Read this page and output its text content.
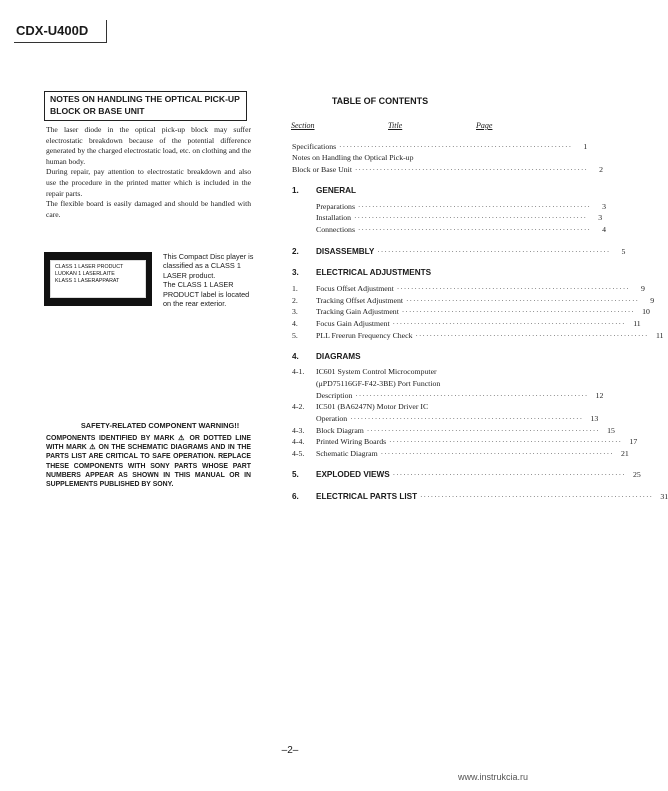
CDX-U400D
NOTES ON HANDLING THE OPTICAL PICK-UP
BLOCK OR BASE UNIT

The laser diode in the optical pick-up block may suffer electrostatic breakdown because of the potential difference generated by the charged electrostatic load, etc. on clothing and the human body.

During repair, pay attention to electrostatic breakdown and also use the procedure in the printed matter which is included in the repair parts.

The flexible board is easily damaged and should be handled with care.

CLASS 1 LASER PRODUCT
LUOKAN 1 LASERLAITE
KLASS 1 LASERAPPARAT
This Compact Disc player is
classified as a CLASS 1
LASER product.
The CLASS 1 LASER
PRODUCT label is located
on the rear exterior.
SAFETY-RELATED COMPONENT WARNING!!
COMPONENTS IDENTIFIED BY MARK ⚠ OR DOTTED LINE WITH MARK ⚠ ON THE SCHEMATIC DIAGRAMS AND IN THE PARTS LIST ARE CRITICAL TO SAFE OPERATION. REPLACE THESE COMPONENTS WITH SONY PARTS WHOSE PART NUMBERS APPEAR AS SHOWN IN THIS MANUAL OR IN SUPPLEMENTS PUBLISHED BY SONY.
TABLE OF CONTENTS
Section	Title	Page
Specifications ··································································	1
Notes on Handling the Optical Pick-up
Block or Base Unit ··································································	2
1.	GENERAL
Preparations ··································································	3
Installation ··································································	3
Connections ··································································	4
2.	DISASSEMBLY ··································································	5
3.	ELECTRICAL ADJUSTMENTS
1.	Focus Offset Adjustment ··································································	9
2.	Tracking Offset Adjustment ··································································	9
3.	Tracking Gain Adjustment ·································································· 10
4.	Focus Gain Adjustment ·································································· 11
5.	PLL Freerun Frequency Check ·································································· 11
4.	DIAGRAMS
4-1. IC601 System Control Microcomputer
(μPD75116GF-F42-3BE) Port Function
Description ·································································· 12
4-2. IC501 (BA6247N) Motor Driver IC
Operation ·································································· 13
4-3.	Block Diagram ·································································· 15
4-4.	Printed Wiring Boards ·································································· 17
4-5.	Schematic Diagram ·································································· 21
5.	EXPLODED VIEWS ·································································· 25
6.	ELECTRICAL PARTS LIST ·································································· 31
–2–
www.instrukcia.ru
